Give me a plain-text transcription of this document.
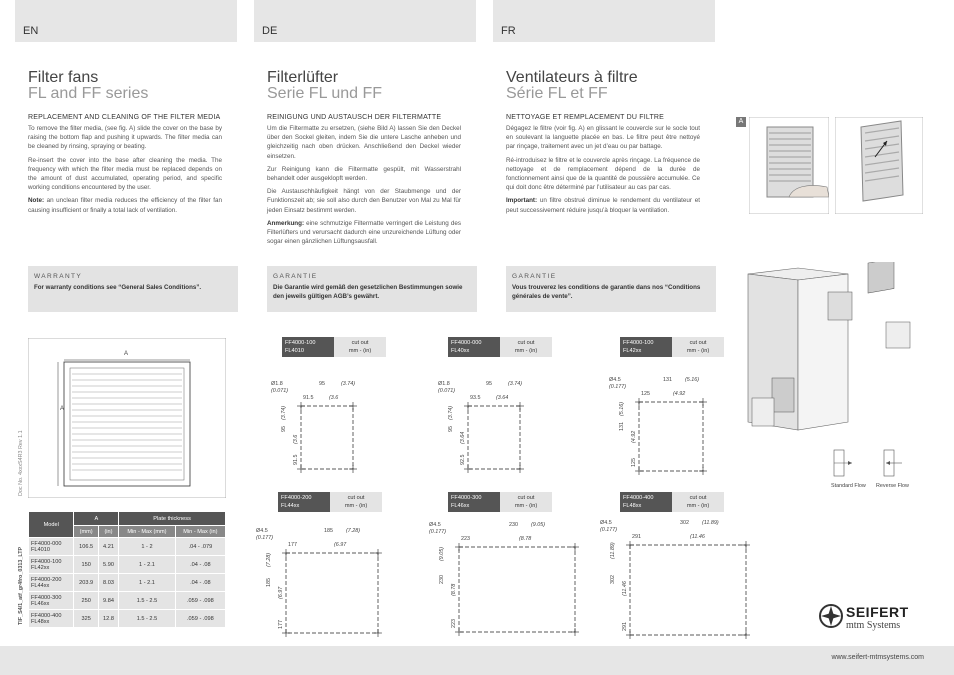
EN	DE	FR
Filter fans
FL and FF series
REPLACEMENT AND CLEANING OF THE FILTER MEDIA

To remove the filter media, (see fig. A) slide the cover on the base by raising the bottom flap and pushing it upwards. The filter media can be cleaned by rinsing, spraying or beating.

Re-insert the cover into the base after cleaning the media. The frequency with which the filter media must be replaced depends on the amount of dust accumulated, operating period, and specific working conditions encountered by the user.

Note: an unclean filter media reduces the efficiency of the filter fan causing insufficient or finally a total lack of ventilation.

Filterlüfter
Serie FL und FF
REINIGUNG UND AUSTAUSCH DER FILTERMATTE

Um die Filtermatte zu ersetzen, (siehe Bild A) lassen Sie den Deckel über den Sockel gleiten, indem Sie die untere Lasche anheben und gleichzeitig nach oben drücken. Anschließend den Deckel wieder einsetzen.

Zur Reinigung kann die Filtermatte gespült, mit Wasserstrahl behandelt oder ausgeklopft werden.

Die Austauschhäufigkeit hängt von der Staubmenge und der Funktionszeit ab; sie soll also durch den Benutzer von Mal zu Mal für jeden Einsatz bestimmt werden.

Anmerkung: eine schmutzige Filtermatte verringert die Leistung des Filterlüfters und verursacht dadurch eine unzureichende Lüftung oder sogar einen gänzlichen Lüftungsausfall.

Ventilateurs à filtre
Série FL et FF
NETTOYAGE ET REMPLACEMENT DU FILTRE

Dégagez le filtre (voir fig. A) en glissant le couvercle sur le socle tout en soulevant la languette placée en bas. Le filtre peut être nettoyé par rinçage, traitement avec un jet d’eau ou par battage.

Ré-introduisez le filtre et le couvercle après rinçage. La fréquence de nettoyage et de remplacement dépend de la durée de fonctionnement ainsi que de la quantité de poussière accumulée. Ce qui doit donc être déterminé par l’utilisateur au cas par cas.

Important: un filtre obstrué diminue le rendement du ventilateur et peut successivement réduire jusqu’à bloquer la ventilation.

WARRANTY
For warranty conditions see “General Sales Conditions”.
GARANTIE
Die Garantie wird gemäß den gesetzlichen Bestimmungen sowie den jeweils gültigen AGB’s gewährt.
GARANTIE
Vous trouverez les conditions de garantie dans nos “Conditions générales de vente”.
A
Standard Flow Reverse Flow
A
A
Doc No. 4xxxS4R3 Rev 1.1
TIF_S4/1_atf_gr4fro_0313_LTP
Model	A		Plate thickness	
	(mm)	(in)	Min - Max (mm)	Min - Max (in)

FF4000-000
FL4010	106.5	4.21	1 - 2	.04 - .079

FF4000-100
FL42xx	150	5.90	1 - 2.1	.04 - .08

FF4000-200
FL44xx	203.9	8.03	1 - 2.1	.04 - .08

FF4000-300
FL46xx	250	9.84	1.5 - 2.5	.059 - .098

FF4000-400
FL48xx	325	12.8	1.5 - 2.5	.059 - .098
FF4000-100
FL4010
cut out
mm - (in)
Ø1.8
(0.071)
95	(3.74)
91.5	(3.6
95
(3.74)
91.5
(3.6
FF4000-000
FL40xx
cut out
mm - (in)
Ø1.8
(0.071)
95	(3.74)
93.5	(3.64
95
(3.74)
92.5
(3.64
FF4000-100
FL42xx
cut out
mm - (in)
Ø4.5
(0.177)
131 (5.16)
125	(4.92
131
(5.16)
125
(4.92
FF4000-200
FL44xx
cut out
mm - (in)
Ø4.5
(0.177)
185 (7.28)
177	(6.97
185
(7.28)
177
(6.97
FF4000-300
FL46xx
cut out
mm - (in)
Ø4.5
(0.177)
230 (9.05)
223	(8.78
230
(9.05)
223
(8.78
FF4000-400
FL48xx
cut out
mm - (in)
Ø4.5
(0.177)
302 (11.89)
291	(11.46
302
(11.89)
291
(11.46
SEIFERT
mtm Systems
www.seifert-mtmsystems.com
